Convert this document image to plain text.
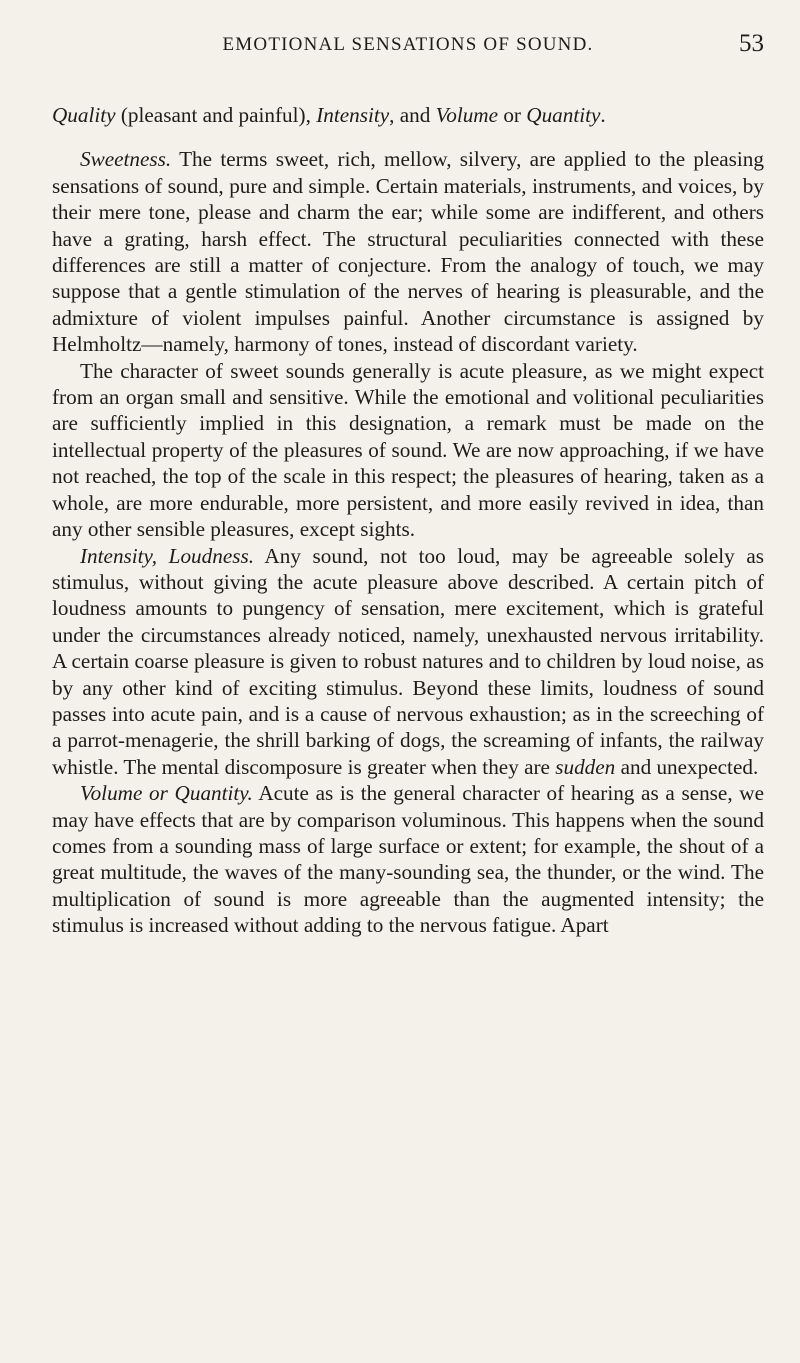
EMOTIONAL SENSATIONS OF SOUND.	53

Quality (pleasant and painful), Intensity, and Volume or Quantity.

Sweetness. The terms sweet, rich, mellow, silvery, are applied to the pleasing sensations of sound, pure and simple. Certain materials, instruments, and voices, by their mere tone, please and charm the ear; while some are indifferent, and others have a grating, harsh effect. The structural peculiarities connected with these differences are still a matter of conjecture. From the analogy of touch, we may suppose that a gentle stimulation of the nerves of hearing is pleasurable, and the admixture of violent impulses painful. Another circumstance is assigned by Helmholtz—namely, harmony of tones, instead of discordant variety.

The character of sweet sounds generally is acute pleasure, as we might expect from an organ small and sensitive. While the emotional and volitional peculiarities are sufficiently implied in this designation, a remark must be made on the intellectual property of the pleasures of sound. We are now approaching, if we have not reached, the top of the scale in this respect; the pleasures of hearing, taken as a whole, are more endurable, more persistent, and more easily revived in idea, than any other sensible pleasures, except sights.

Intensity, Loudness. Any sound, not too loud, may be agreeable solely as stimulus, without giving the acute pleasure above described. A certain pitch of loudness amounts to pungency of sensation, mere excitement, which is grateful under the circumstances already noticed, namely, unexhausted nervous irritability. A certain coarse pleasure is given to robust natures and to children by loud noise, as by any other kind of exciting stimulus. Beyond these limits, loudness of sound passes into acute pain, and is a cause of nervous exhaustion; as in the screeching of a parrot-menagerie, the shrill barking of dogs, the screaming of infants, the railway whistle. The mental discomposure is greater when they are sudden and unexpected.

Volume or Quantity. Acute as is the general character of hearing as a sense, we may have effects that are by comparison voluminous. This happens when the sound comes from a sounding mass of large surface or extent; for example, the shout of a great multitude, the waves of the many-sounding sea, the thunder, or the wind. The multiplication of sound is more agreeable than the augmented intensity; the stimulus is increased without adding to the nervous fatigue. Apart
